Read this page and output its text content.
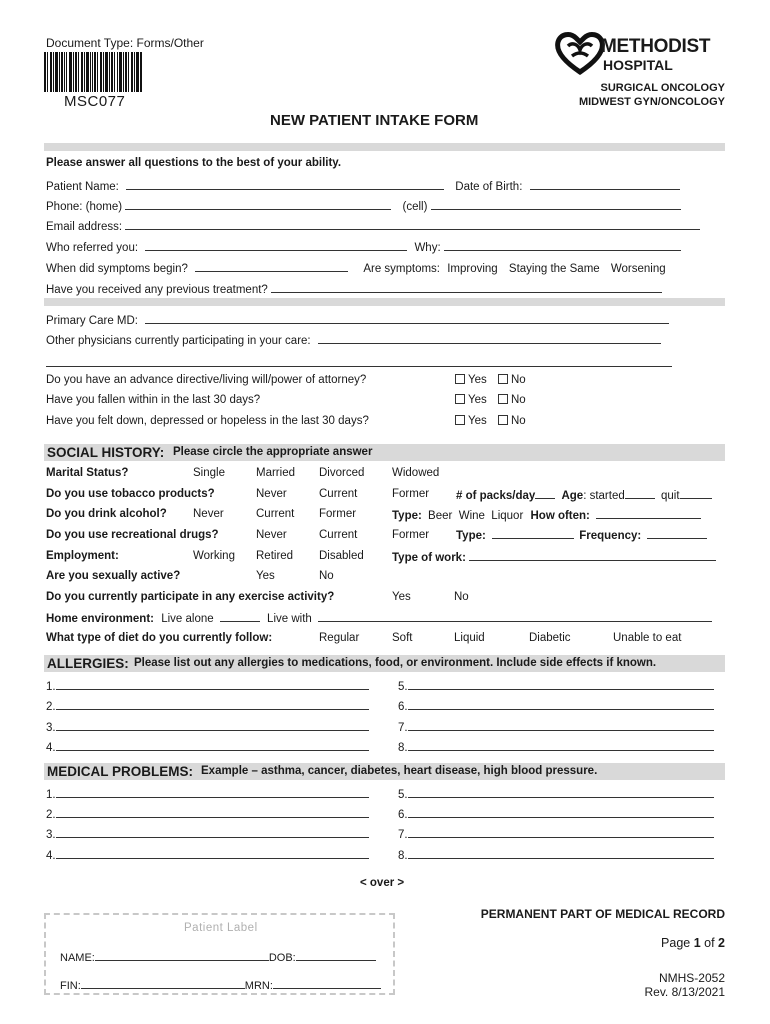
Document Type: Forms/Other
MSC077
METHODIST
HOSPITAL
SURGICAL ONCOLOGY
MIDWEST GYN/ONCOLOGY
NEW PATIENT INTAKE FORM
Please answer all questions to the best of your ability.
Patient Name:	Date of Birth:
Phone: (home)	(cell)
Email address:
Who referred you:	Why:
When did symptoms begin?	Are symptoms: Improving Staying the Same Worsening
Have you received any previous treatment?
Primary Care MD:
Other physicians currently participating in your care:
Do you have an advance directive/living will/power of attorney?	Yes No
Have you fallen within in the last 30 days?	Yes No
Have you felt down, depressed or hopeless in the last 30 days?	Yes No
SOCIAL HISTORY: Please circle the appropriate answer
Marital Status?	Single	Married Divorced Widowed
Do you use tobacco products?	Never	Current	Former # of packs/day Age: started	quit
Do you drink alcohol? Never	Current Former	Type: Beer  Wine  Liquor How often:
Do you use recreational drugs?	Never	Current	Former Type:	Frequency:
Employment:	Working Retired Disabled Type of work:
Are you sexually active?	Yes	No
Do you currently participate in any exercise activity?	Yes	No
Home environment: Live alone	Live with
What type of diet do you currently follow:	Regular	Soft	Liquid	Diabetic	Unable to eat
ALLERGIES: Please list out any allergies to medications, food, or environment. Include side effects if known.
1.
2.
3.
4.
5.
6.
7.
8.
MEDICAL PROBLEMS: Example – asthma, cancer, diabetes, heart disease, high blood pressure.
1.
2.
3.
4.
5.
6.
7.
8.
< over >
Patient Label
NAME:	DOB:
FIN:	MRN:
PERMANENT PART OF MEDICAL RECORD
Page 1 of 2
NMHS-2052
Rev. 8/13/2021
